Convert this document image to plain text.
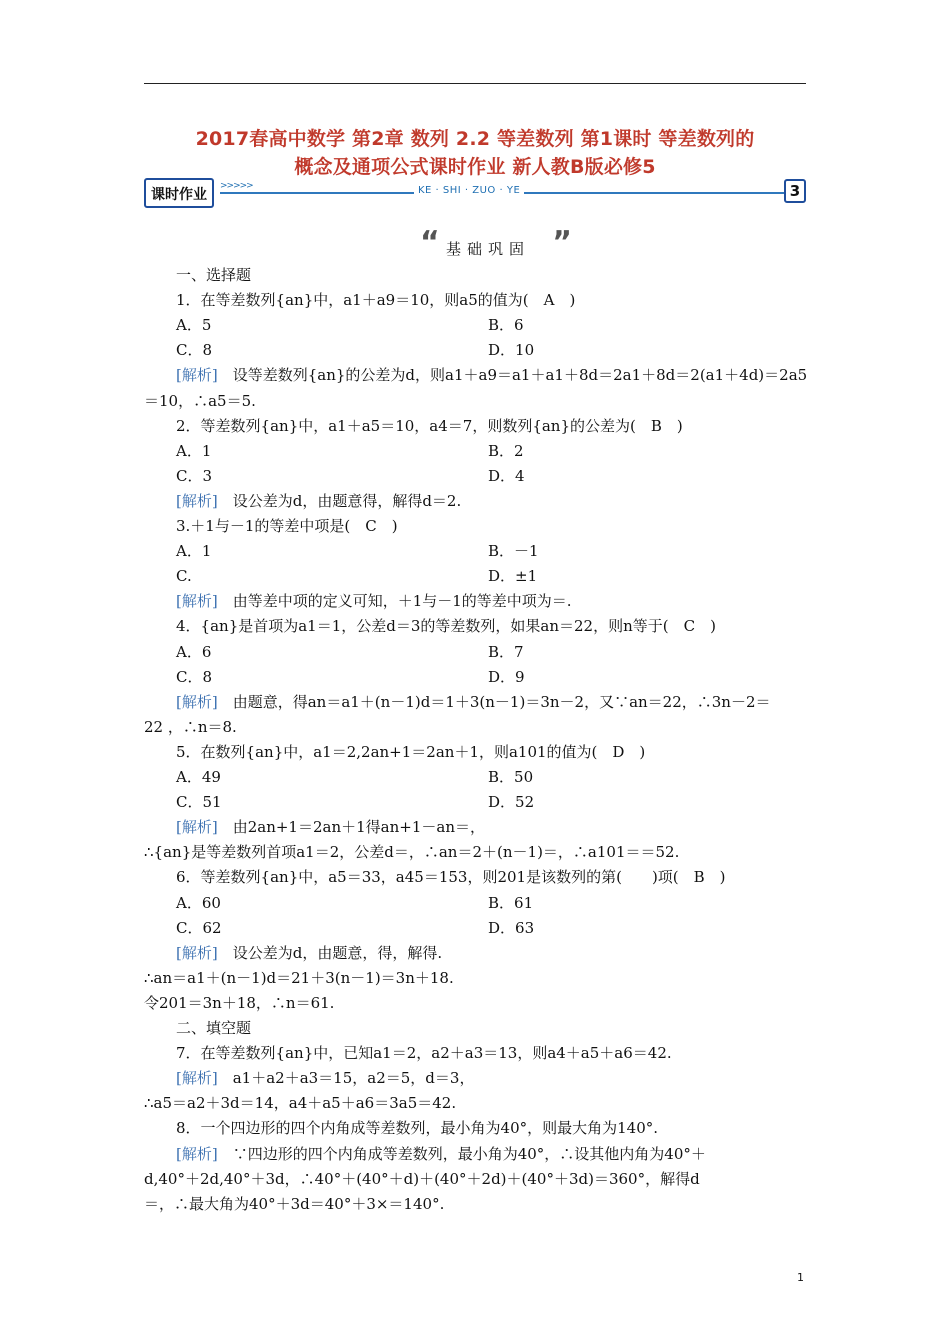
2017春高中数学 第2章 数列 2.2 等差数列 第1课时 等差数列的
概念及通项公式课时作业 新人教B版必修5
课时作业
>>>>>	KE · SHI · ZUO · YE	3
“ 基础巩固 ”
一、选择题
1．在等差数列{an}中，a1＋a9＝10，则a5的值为(　A　)
A．5	B．6
C．8	D．10
[解析]　设等差数列{an}的公差为d，则a1＋a9＝a1＋a1＋8d＝2a1＋8d＝2(a1＋4d)＝2a5
＝10，∴a5＝5.
2．等差数列{an}中，a1＋a5＝10，a4＝7，则数列{an}的公差为(　B　)
A．1	B．2
C．3	D．4
[解析]　设公差为d，由题意得，解得d＝2.
3.＋1与－1的等差中项是(　C　)
A．1	B．－1
C.	D．±1
[解析]　由等差中项的定义可知，＋1与－1的等差中项为＝.
4．{an}是首项为a1＝1，公差d＝3的等差数列，如果an＝22，则n等于(　C　)
A．6	B．7
C．8	D．9
[解析]　由题意，得an＝a1＋(n－1)d＝1＋3(n－1)＝3n－2，又∵an＝22，∴3n－2＝
22 ，∴n＝8.
5．在数列{an}中，a1＝2,2an+1＝2an＋1，则a101的值为(　D　)
A．49	B．50
C．51	D．52
[解析]　由2an+1＝2an＋1得an+1－an＝，
∴{an}是等差数列首项a1＝2，公差d＝，∴an＝2＋(n－1)＝，∴a101＝＝52.
6．等差数列{an}中，a5＝33，a45＝153，则201是该数列的第(　　)项(　B　)
A．60	B．61
C．62	D．63
[解析]　设公差为d，由题意，得，解得.
∴an＝a1＋(n－1)d＝21＋3(n－1)＝3n＋18.
令201＝3n＋18，∴n＝61.
二、填空题
7．在等差数列{an}中，已知a1＝2，a2＋a3＝13，则a4＋a5＋a6＝42.
[解析]　a1＋a2＋a3＝15，a2＝5，d＝3，
∴a5＝a2＋3d＝14，a4＋a5＋a6＝3a5＝42.
8．一个四边形的四个内角成等差数列，最小角为40°，则最大角为140°.
[解析]　∵四边形的四个内角成等差数列，最小角为40°，∴设其他内角为40°＋
d,40°＋2d,40°＋3d，∴40°＋(40°＋d)＋(40°＋2d)＋(40°＋3d)＝360°，解得d
＝，∴最大角为40°＋3d＝40°＋3×＝140°.
1
